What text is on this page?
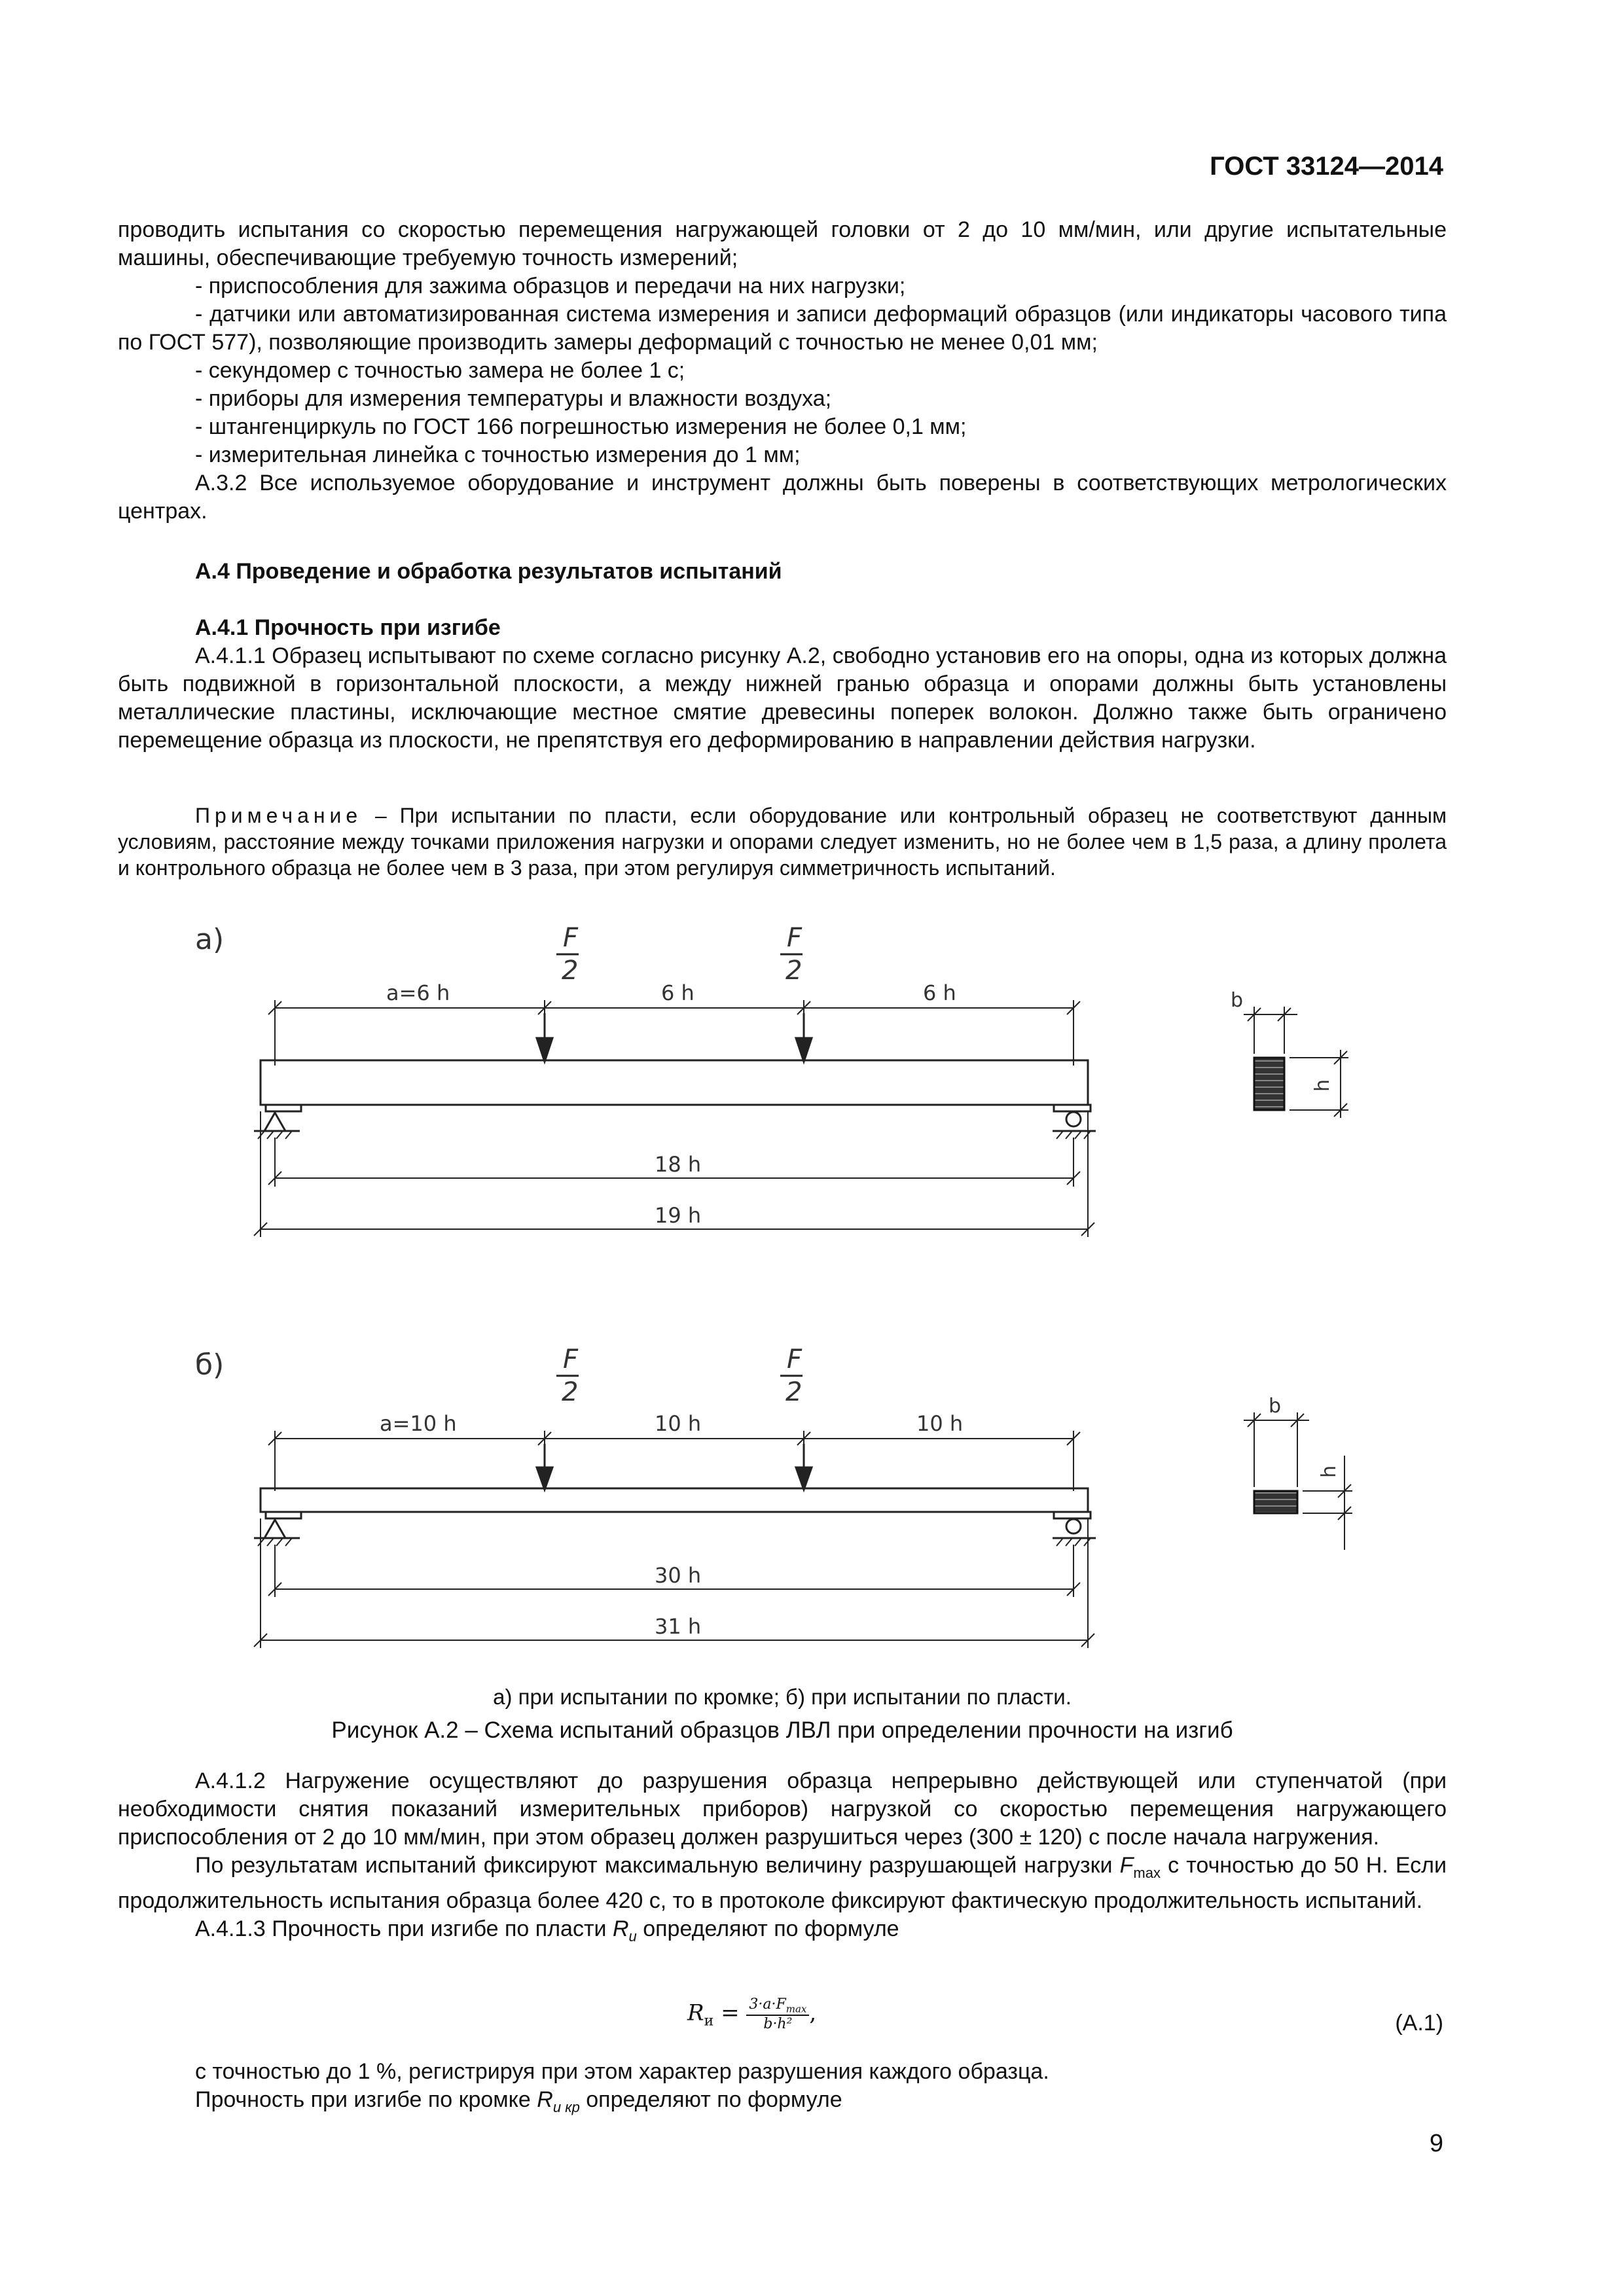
ГОСТ 33124—2014

проводить испытания со скоростью перемещения нагружающей головки от 2 до 10 мм/мин, или другие испытательные машины, обеспечивающие требуемую точность измерений;

- приспособления для зажима образцов и передачи на них нагрузки;

- датчики или автоматизированная система измерения и записи деформаций образцов (или индикаторы часового типа по ГОСТ 577), позволяющие производить замеры деформаций с точностью не менее 0,01 мм;

- секундомер с точностью замера не более 1 с;

- приборы для измерения температуры и влажности воздуха;

- штангенциркуль по ГОСТ 166 погрешностью измерения не более 0,1 мм;

- измерительная линейка с точностью измерения до 1 мм;

А.3.2 Все используемое оборудование и инструмент должны быть поверены в соответствующих метрологических центрах.

А.4 Проведение и обработка результатов испытаний

А.4.1 Прочность при изгибе

А.4.1.1 Образец испытывают по схеме согласно рисунку А.2, свободно установив его на опоры, одна из которых должна быть подвижной в горизонтальной плоскости, а между нижней гранью образца и опорами должны быть установлены металлические пластины, исключающие местное смятие древесины поперек волокон. Должно также быть ограничено перемещение образца из плоскости, не препятствуя его деформированию в направлении действия нагрузки.

Примечание – При испытании по пласти, если оборудование или контрольный образец не соответствуют данным условиям, расстояние между точками приложения нагрузки и опорами следует изменить, но не более чем в 1,5 раза, а длину пролета и контрольного образца не более чем в 3 раза, при этом регулируя симметричность испытаний.

а)	F
2
F
2
a=6 h	6 h	6 h
18 h
19 h
b
h
б)	F
2
F
2
a=10 h	10 h	10 h
30 h
31 h
b
h
а) при испытании по кромке; б) при испытании по пласти.
Рисунок А.2 – Схема испытаний образцов ЛВЛ при определении прочности на изгиб

А.4.1.2 Нагружение осуществляют до разрушения образца непрерывно действующей или ступенчатой (при необходимости снятия показаний измерительных приборов) нагрузкой со скоростью перемещения нагружающего приспособления от 2 до 10 мм/мин, при этом образец должен разрушиться через (300 ± 120) с после начала нагружения.

По результатам испытаний фиксируют максимальную величину разрушающей нагрузки $F_{max}$ с точностью до 50 Н. Если продолжительность испытания образца более 420 с, то в протоколе фиксируют фактическую продолжительность испытаний.

А.4.1.3 Прочность при изгибе по пласти $R_и$ определяют по формуле

$R_и = 3\cdot a\cdot F_{max}$
b·h² ,	(А.1)

с точностью до 1 %, регистрируя при этом характер разрушения каждого образца.

Прочность при изгибе по кромке $R_{и кр}$ определяют по формуле

9
